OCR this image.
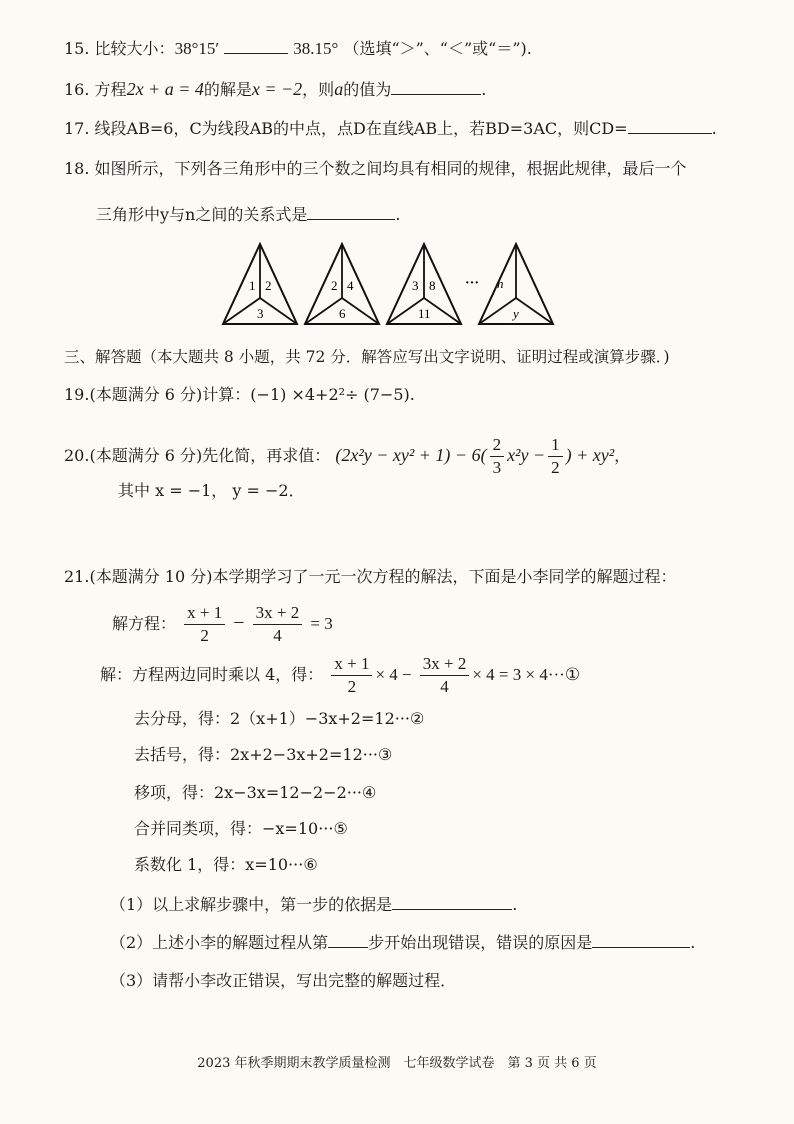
15. 比较大小：38°15′	38.15° （选填“＞”、“＜”或“＝”).
16. 方程2x + a = 4的解是x = −2，则a的值为	.
17. 线段AB=6，C为线段AB的中点，点D在直线AB上，若BD=3AC，则CD=	.
18. 如图所示，下列各三角形中的三个数之间均具有相同的规律，根据此规律，最后一个
三角形中y与n之间的关系式是	.
1 2
3
2 4
6
3 8
11
··· n
y
三、解答题（本大题共 8 小题，共 72 分．解答应写出文字说明、证明过程或演算步骤．)
19.(本题满分 6 分)计算：(−1) ×4+2²÷ (7−5).
20.(本题满分 6 分)先化简，再求值： $(2x^2y - xy^2 + 1) - 6( \frac{2}{3} x^2y - \frac{1}{2}$ ) + xy²，
其中 x = −1， y = −2．
21.(本题满分 10 分)本学期学习了一元一次方程的解法，下面是小李同学的解题过程：
解方程： $\frac{x + 1}{2} - \frac{3x + 2}{4} = 3$
解：方程两边同时乘以 4，得： $\frac{x + 1}{2} \times 4 - \frac{3x + 2}{4} \times 4 = 3$ × 4···①
去分母，得：2（x+1）−3x+2=12···②
去括号，得：2x+2−3x+2=12···③
移项，得：2x−3x=12−2−2···④
合并同类项，得：−x=10···⑤
系数化 1，得：x=10···⑥
（1）以上求解步骤中，第一步的依据是	.
（2）上述小李的解题过程从第	步开始出现错误，错误的原因是	.
（3）请帮小李改正错误，写出完整的解题过程．
2023 年秋季期期末教学质量检测　七年级数学试卷　第 3 页 共 6 页
